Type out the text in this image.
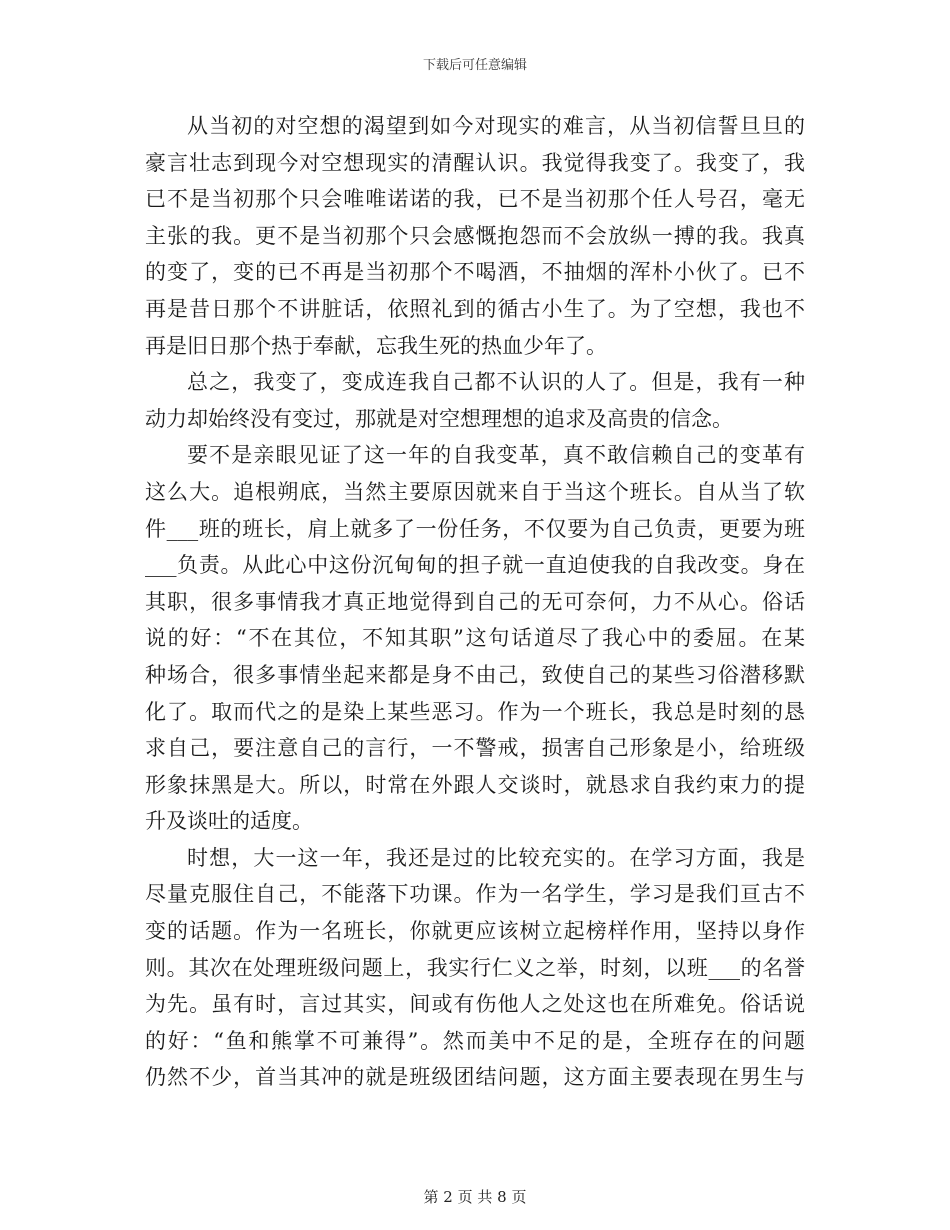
下载后可任意编辑
从当初的对空想的渴望到如今对现实的难言，从当初信誓旦旦的
豪言壮志到现今对空想现实的清醒认识。我觉得我变了。我变了，我
已不是当初那个只会唯唯诺诺的我，已不是当初那个任人号召，毫无
主张的我。更不是当初那个只会感慨抱怨而不会放纵一搏的我。我真
的变了，变的已不再是当初那个不喝酒，不抽烟的浑朴小伙了。已不
再是昔日那个不讲脏话，依照礼到的循古小生了。为了空想，我也不
再是旧日那个热于奉献，忘我生死的热血少年了。
总之，我变了，变成连我自己都不认识的人了。但是，我有一种
动力却始终没有变过，那就是对空想理想的追求及高贵的信念。
要不是亲眼见证了这一年的自我变革，真不敢信赖自己的变革有
这么大。追根朔底，当然主要原因就来自于当这个班长。自从当了软
件___班的班长，肩上就多了一份任务，不仅要为自己负责，更要为班
___负责。从此心中这份沉甸甸的担子就一直迫使我的自我改变。身在
其职，很多事情我才真正地觉得到自己的无可奈何，力不从心。俗话
说的好：“不在其位，不知其职”这句话道尽了我心中的委屈。在某
种场合，很多事情坐起来都是身不由己，致使自己的某些习俗潜移默
化了。取而代之的是染上某些恶习。作为一个班长，我总是时刻的恳
求自己，要注意自己的言行，一不警戒，损害自己形象是小，给班级
形象抹黑是大。所以，时常在外跟人交谈时，就恳求自我约束力的提
升及谈吐的适度。
时想，大一这一年，我还是过的比较充实的。在学习方面，我是
尽量克服住自己，不能落下功课。作为一名学生，学习是我们亘古不
变的话题。作为一名班长，你就更应该树立起榜样作用，坚持以身作
则。其次在处理班级问题上，我实行仁义之举，时刻，以班___的名誉
为先。虽有时，言过其实，间或有伤他人之处这也在所难免。俗话说
的好：“鱼和熊掌不可兼得”。然而美中不足的是，全班存在的问题
仍然不少，首当其冲的就是班级团结问题，这方面主要表现在男生与
第 2 页 共 8 页
